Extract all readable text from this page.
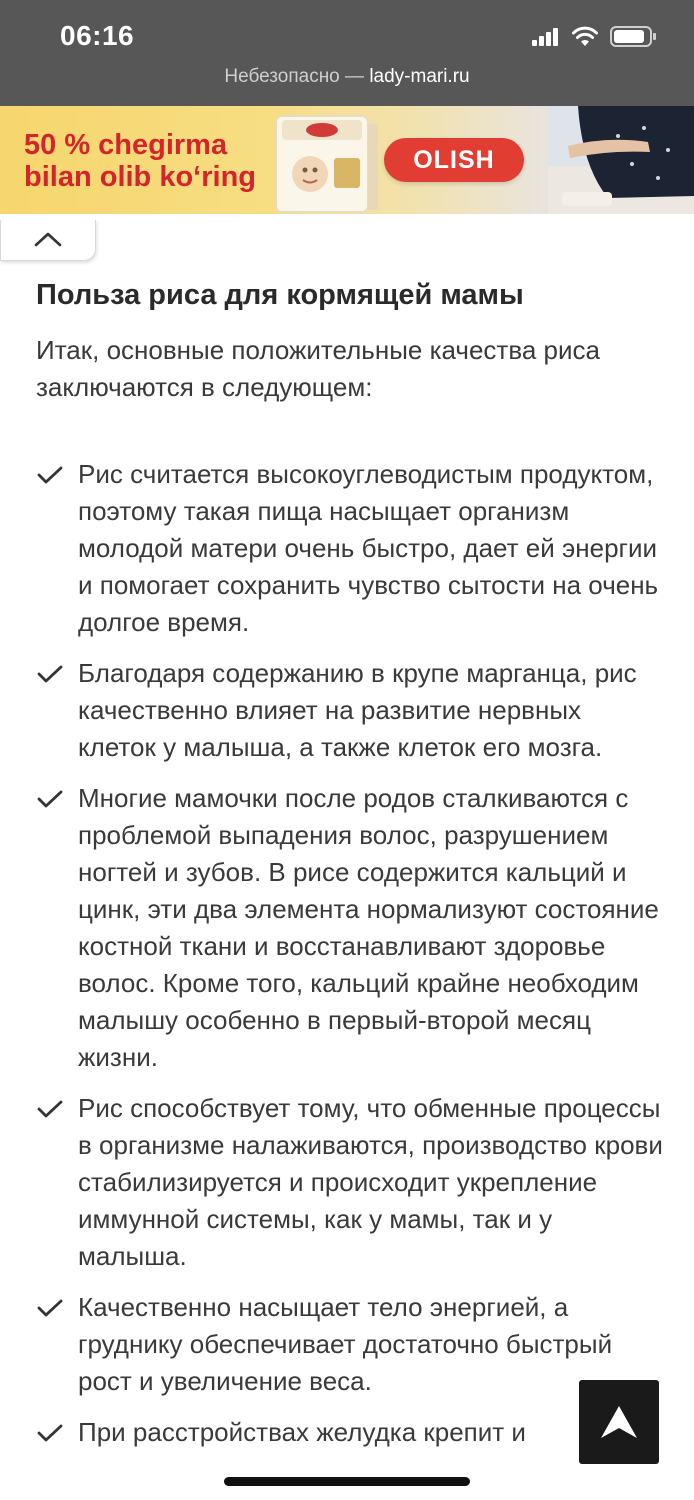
06:16
Небезопасно — lady-mari.ru
50 % chegirma
bilan olib ko‘ring
OLISH
Польза риса для кормящей мамы

Итак, основные положительные качества риса заключаются в следующем:

Рис считается высокоуглеводистым продуктом, поэтому такая пища насыщает организм молодой матери очень быстро, дает ей энергии и помогает сохранить чувство сытости на очень долгое время.
Благодаря содержанию в крупе марганца, рис качественно влияет на развитие нервных клеток у малыша, а также клеток его мозга.
Многие мамочки после родов сталкиваются с проблемой выпадения волос, разрушением ногтей и зубов. В рисе содержится кальций и цинк, эти два элемента нормализуют состояние костной ткани и восстанавливают здоровье волос. Кроме того, кальций крайне необходим малышу особенно в первый-второй месяц жизни.
Рис способствует тому, что обменные процессы в организме налаживаются, производство крови стабилизируется и происходит укрепление иммунной системы, как у мамы, так и у малыша.
Качественно насыщает тело энергией, а груднику обеспечивает достаточно быстрый рост и увеличение веса.
При расстройствах желудка крепит и
